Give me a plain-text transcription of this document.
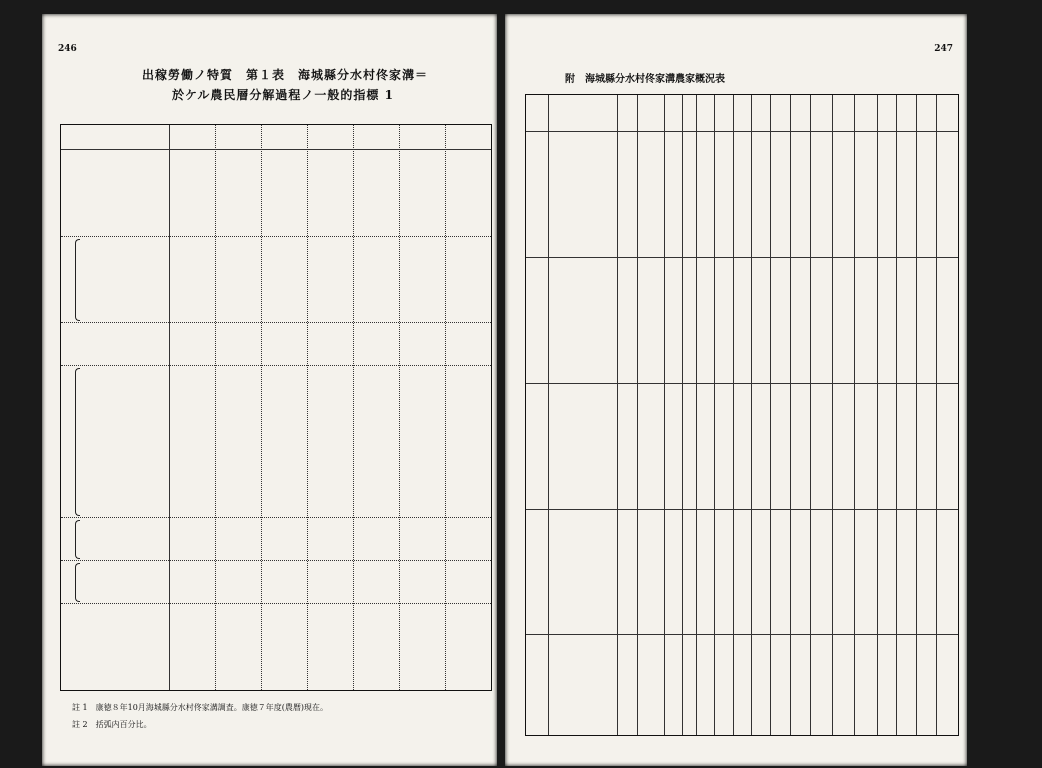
246
出稼勞働ノ特質　第１表　海城縣分水村佟家溝＝
於ケル農民層分解過程ノ一般的指標 1
註 1　康徳８年10月海城縣分水村佟家溝調査。康徳７年度(農曆)現在。
註 2　括弧内百分比。
247
附　海城縣分水村佟家溝農家概況表
